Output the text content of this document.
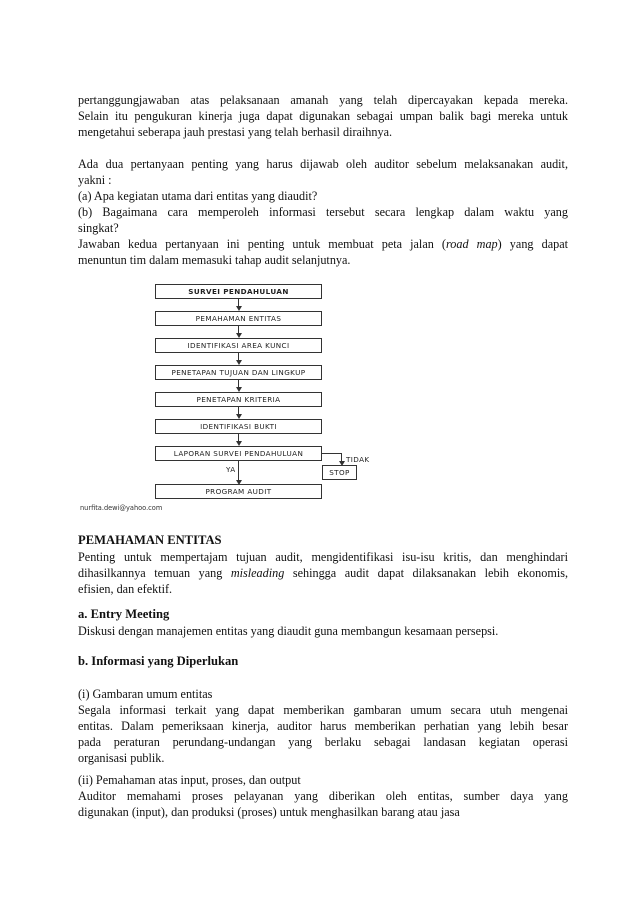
pertanggungjawaban atas pelaksanaan amanah yang telah dipercayakan kepada mereka.

Selain itu pengukuran kinerja juga dapat digunakan sebagai umpan balik bagi mereka untuk

mengetahui seberapa jauh prestasi yang telah berhasil diraihnya.

Ada dua pertanyaan penting yang harus dijawab oleh auditor sebelum melaksanakan audit,

yakni :

(a) Apa kegiatan utama dari entitas yang diaudit?

(b) Bagaimana cara memperoleh informasi tersebut secara lengkap dalam waktu yang

singkat?

Jawaban kedua pertanyaan ini penting untuk membuat peta jalan (road map) yang dapat

menuntun tim dalam memasuki tahap audit selanjutnya.

SURVEI PENDAHULUAN
PEMAHAMAN ENTITAS
IDENTIFIKASI AREA KUNCI
PENETAPAN TUJUAN DAN LINGKUP
PENETAPAN KRITERIA
IDENTIFIKASI BUKTI
LAPORAN SURVEI PENDAHULUAN
TIDAK
STOP
YA
PROGRAM AUDIT
nurfita.dewi@yahoo.com

PEMAHAMAN ENTITAS

Penting untuk mempertajam tujuan audit, mengidentifikasi isu-isu kritis, dan menghindari

dihasilkannya temuan yang misleading sehingga audit dapat dilaksanakan lebih ekonomis,

efisien, dan efektif.

a. Entry Meeting

Diskusi dengan manajemen entitas yang diaudit guna membangun kesamaan persepsi.

b. Informasi yang Diperlukan

(i) Gambaran umum entitas

Segala informasi terkait yang dapat memberikan gambaran umum secara utuh mengenai

entitas. Dalam pemeriksaan kinerja, auditor harus memberikan perhatian yang lebih besar

pada peraturan perundang-undangan yang berlaku sebagai landasan kegiatan operasi

organisasi publik.

(ii) Pemahaman atas input, proses, dan output

Auditor memahami proses pelayanan yang diberikan oleh entitas, sumber daya yang

digunakan (input), dan produksi (proses) untuk menghasilkan barang atau jasa
